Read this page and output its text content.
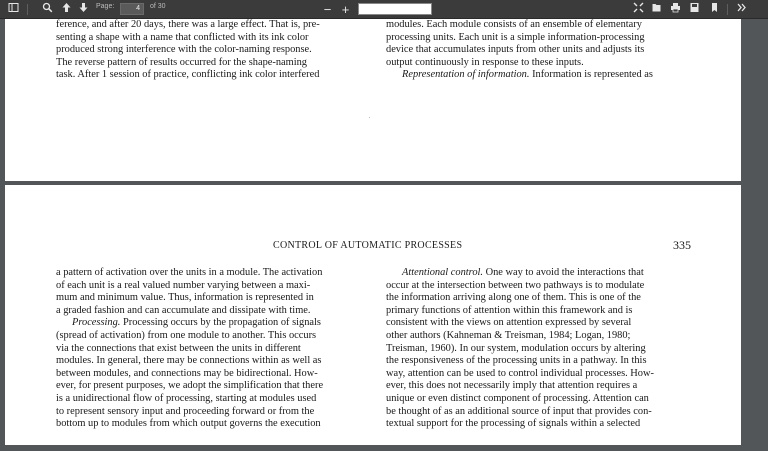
Page:	4	of 30	− +

ference, and after 20 days, there was a large effect. That is, pre-

senting a shape with a name that conflicted with its ink color

produced strong interference with the color-naming response.

The reverse pattern of results occurred for the shape-naming

task. After 1 session of practice, conflicting ink color interfered

modules. Each module consists of an ensemble of elementary

processing units. Each unit is a simple information-processing

device that accumulates inputs from other units and adjusts its

output continuously in response to these inputs.

Representation of information. Information is represented as

CONTROL OF AUTOMATIC PROCESSES	335

a pattern of activation over the units in a module. The activation

of each unit is a real valued number varying between a maxi-

mum and minimum value. Thus, information is represented in

a graded fashion and can accumulate and dissipate with time.

Processing. Processing occurs by the propagation of signals

(spread of activation) from one module to another. This occurs

via the connections that exist between the units in different

modules. In general, there may be connections within as well as

between modules, and connections may be bidirectional. How-

ever, for present purposes, we adopt the simplification that there

is a unidirectional flow of processing, starting at modules used

to represent sensory input and proceeding forward or from the

bottom up to modules from which output governs the execution

Attentional control. One way to avoid the interactions that

occur at the intersection between two pathways is to modulate

the information arriving along one of them. This is one of the

primary functions of attention within this framework and is

consistent with the views on attention expressed by several

other authors (Kahneman & Treisman, 1984; Logan, 1980;

Treisman, 1960). In our system, modulation occurs by altering

the responsiveness of the processing units in a pathway. In this

way, attention can be used to control individual processes. How-

ever, this does not necessarily imply that attention requires a

unique or even distinct component of processing. Attention can

be thought of as an additional source of input that provides con-

textual support for the processing of signals within a selected
